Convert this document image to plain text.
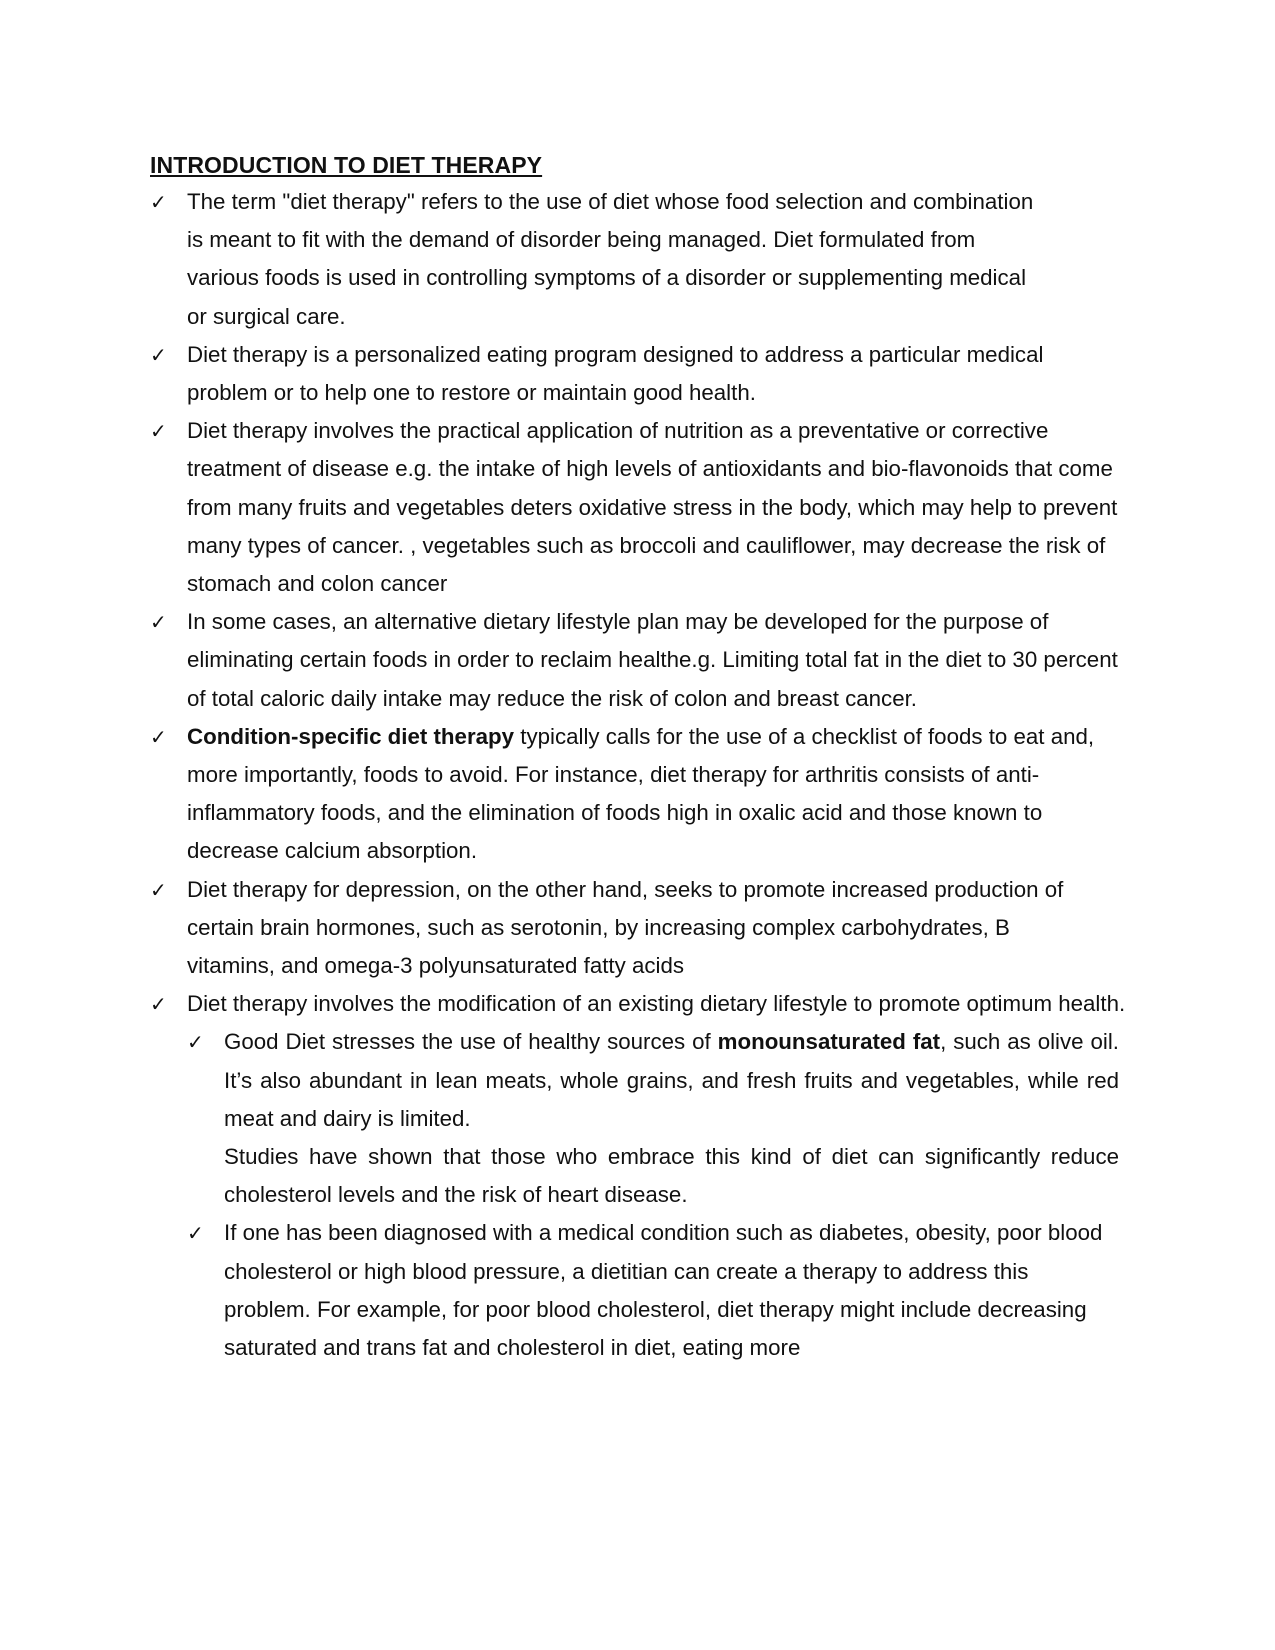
INTRODUCTION TO DIET THERAPY
✓ The term "diet therapy" refers to the use of diet whose food selection and combination is meant to fit with the demand of disorder being managed. Diet formulated from various foods is used in controlling symptoms of a disorder or supplementing medical or surgical care.
✓ Diet therapy is a personalized eating program designed to address a particular medical problem or to help one to restore or maintain good health.
✓ Diet therapy involves the practical application of nutrition as a preventative or corrective treatment of disease e.g. the intake of high levels of antioxidants and bio-flavonoids that come from many fruits and vegetables deters oxidative stress in the body, which may help to prevent many types of cancer. , vegetables such as broccoli and cauliflower, may decrease the risk of stomach and colon cancer
✓ In some cases, an alternative dietary lifestyle plan may be developed for the purpose of eliminating certain foods in order to reclaim healthe.g. Limiting total fat in the diet to 30 percent of total caloric daily intake may reduce the risk of colon and breast cancer.
✓ Condition-specific diet therapy typically calls for the use of a checklist of foods to eat and, more importantly, foods to avoid. For instance, diet therapy for arthritis consists of anti-inflammatory foods, and the elimination of foods high in oxalic acid and those known to decrease calcium absorption.
✓ Diet therapy for depression, on the other hand, seeks to promote increased production of certain brain hormones, such as serotonin, by increasing complex carbohydrates, B vitamins, and omega-3 polyunsaturated fatty acids
✓ Diet therapy involves the modification of an existing dietary lifestyle to promote optimum health.
✓ Good Diet stresses the use of healthy sources of monounsaturated fat, such as olive oil. It’s also abundant in lean meats, whole grains, and fresh fruits and vegetables, while red meat and dairy is limited.
Studies have shown that those who embrace this kind of diet can significantly reduce cholesterol levels and the risk of heart disease.
✓ If one has been diagnosed with a medical condition such as diabetes, obesity, poor blood cholesterol or high blood pressure, a dietitian can create a therapy to address this problem. For example, for poor blood cholesterol, diet therapy might include decreasing saturated and trans fat and cholesterol in diet, eating more
